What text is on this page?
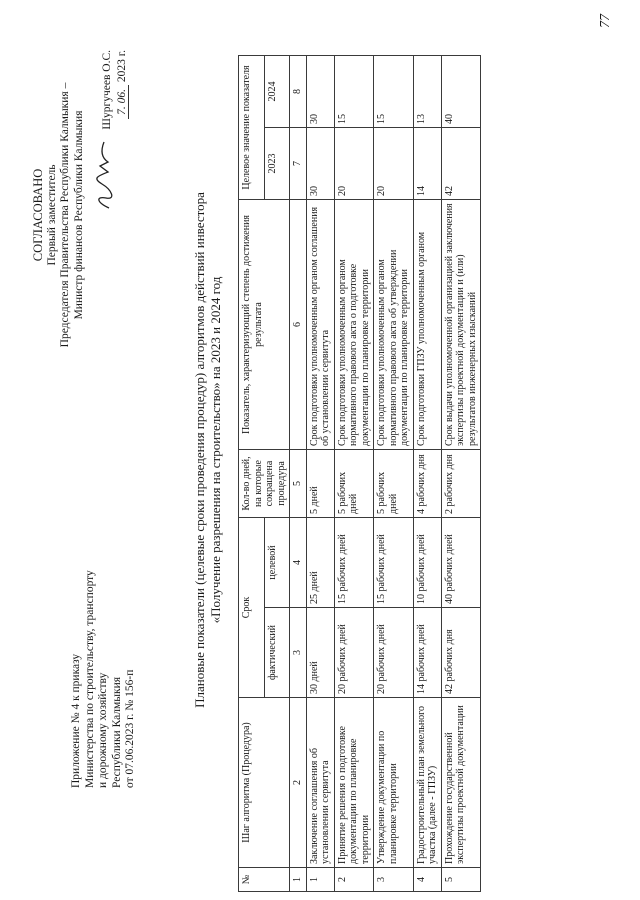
77
Приложение № 4 к приказу Министерства по строительству, транспорту и дорожному хозяйству Республики Калмыкия от 07.06.2023 г. № 156-п
СОГЛАСОВАНО Первый заместитель Председателя Правительства Республики Калмыкия – Министр финансов Республики Калмыкия
Шургучеев О.С. 7. 06. 2023 г.
Плановые показатели (целевые сроки проведения процедур) алгоритмов действий инвестора «Получение разрешения на строительство» на 2023 и 2024 год
№	Шаг алгоритма (Процедура)	Срок		Кол-во дней, на которые сокращена процедура	Показатель, характеризующий степень достижения результата	Целевое значение показателя	
		фактический	целевой			2023	2024
1	2	3	4	5	6	7	8
1	Заключение соглашения об установлении сервитута	30 дней	25 дней	5 дней	Срок подготовки уполномоченным органом соглашения об установлении сервитута	30	30
2	Принятие решения о подготовке документации по планировке территории	20 рабочих дней	15 рабочих дней	5 рабочих дней	Срок подготовки уполномоченным органом нормативного правового акта о подготовке документации по планировке территории	20	15
3	Утверждение документации по планировке территории	20 рабочих дней	15 рабочих дней	5 рабочих дней	Срок подготовки уполномоченным органом нормативного правового акта об утверждении документации по планировке территории	20	15
4	Градостроительный план земельного участка (далее - ГПЗУ)	14 рабочих дней	10 рабочих дней	4 рабочих дня	Срок подготовки ГПЗУ уполномоченным органом	14	13
5	Прохождение государственной экспертизы проектной документации	42 рабочих дня	40 рабочих дней	2 рабочих дня	Срок выдачи уполномоченной организацией заключения экспертизы проектной документации и (или) результатов инженерных изысканий	42	40
